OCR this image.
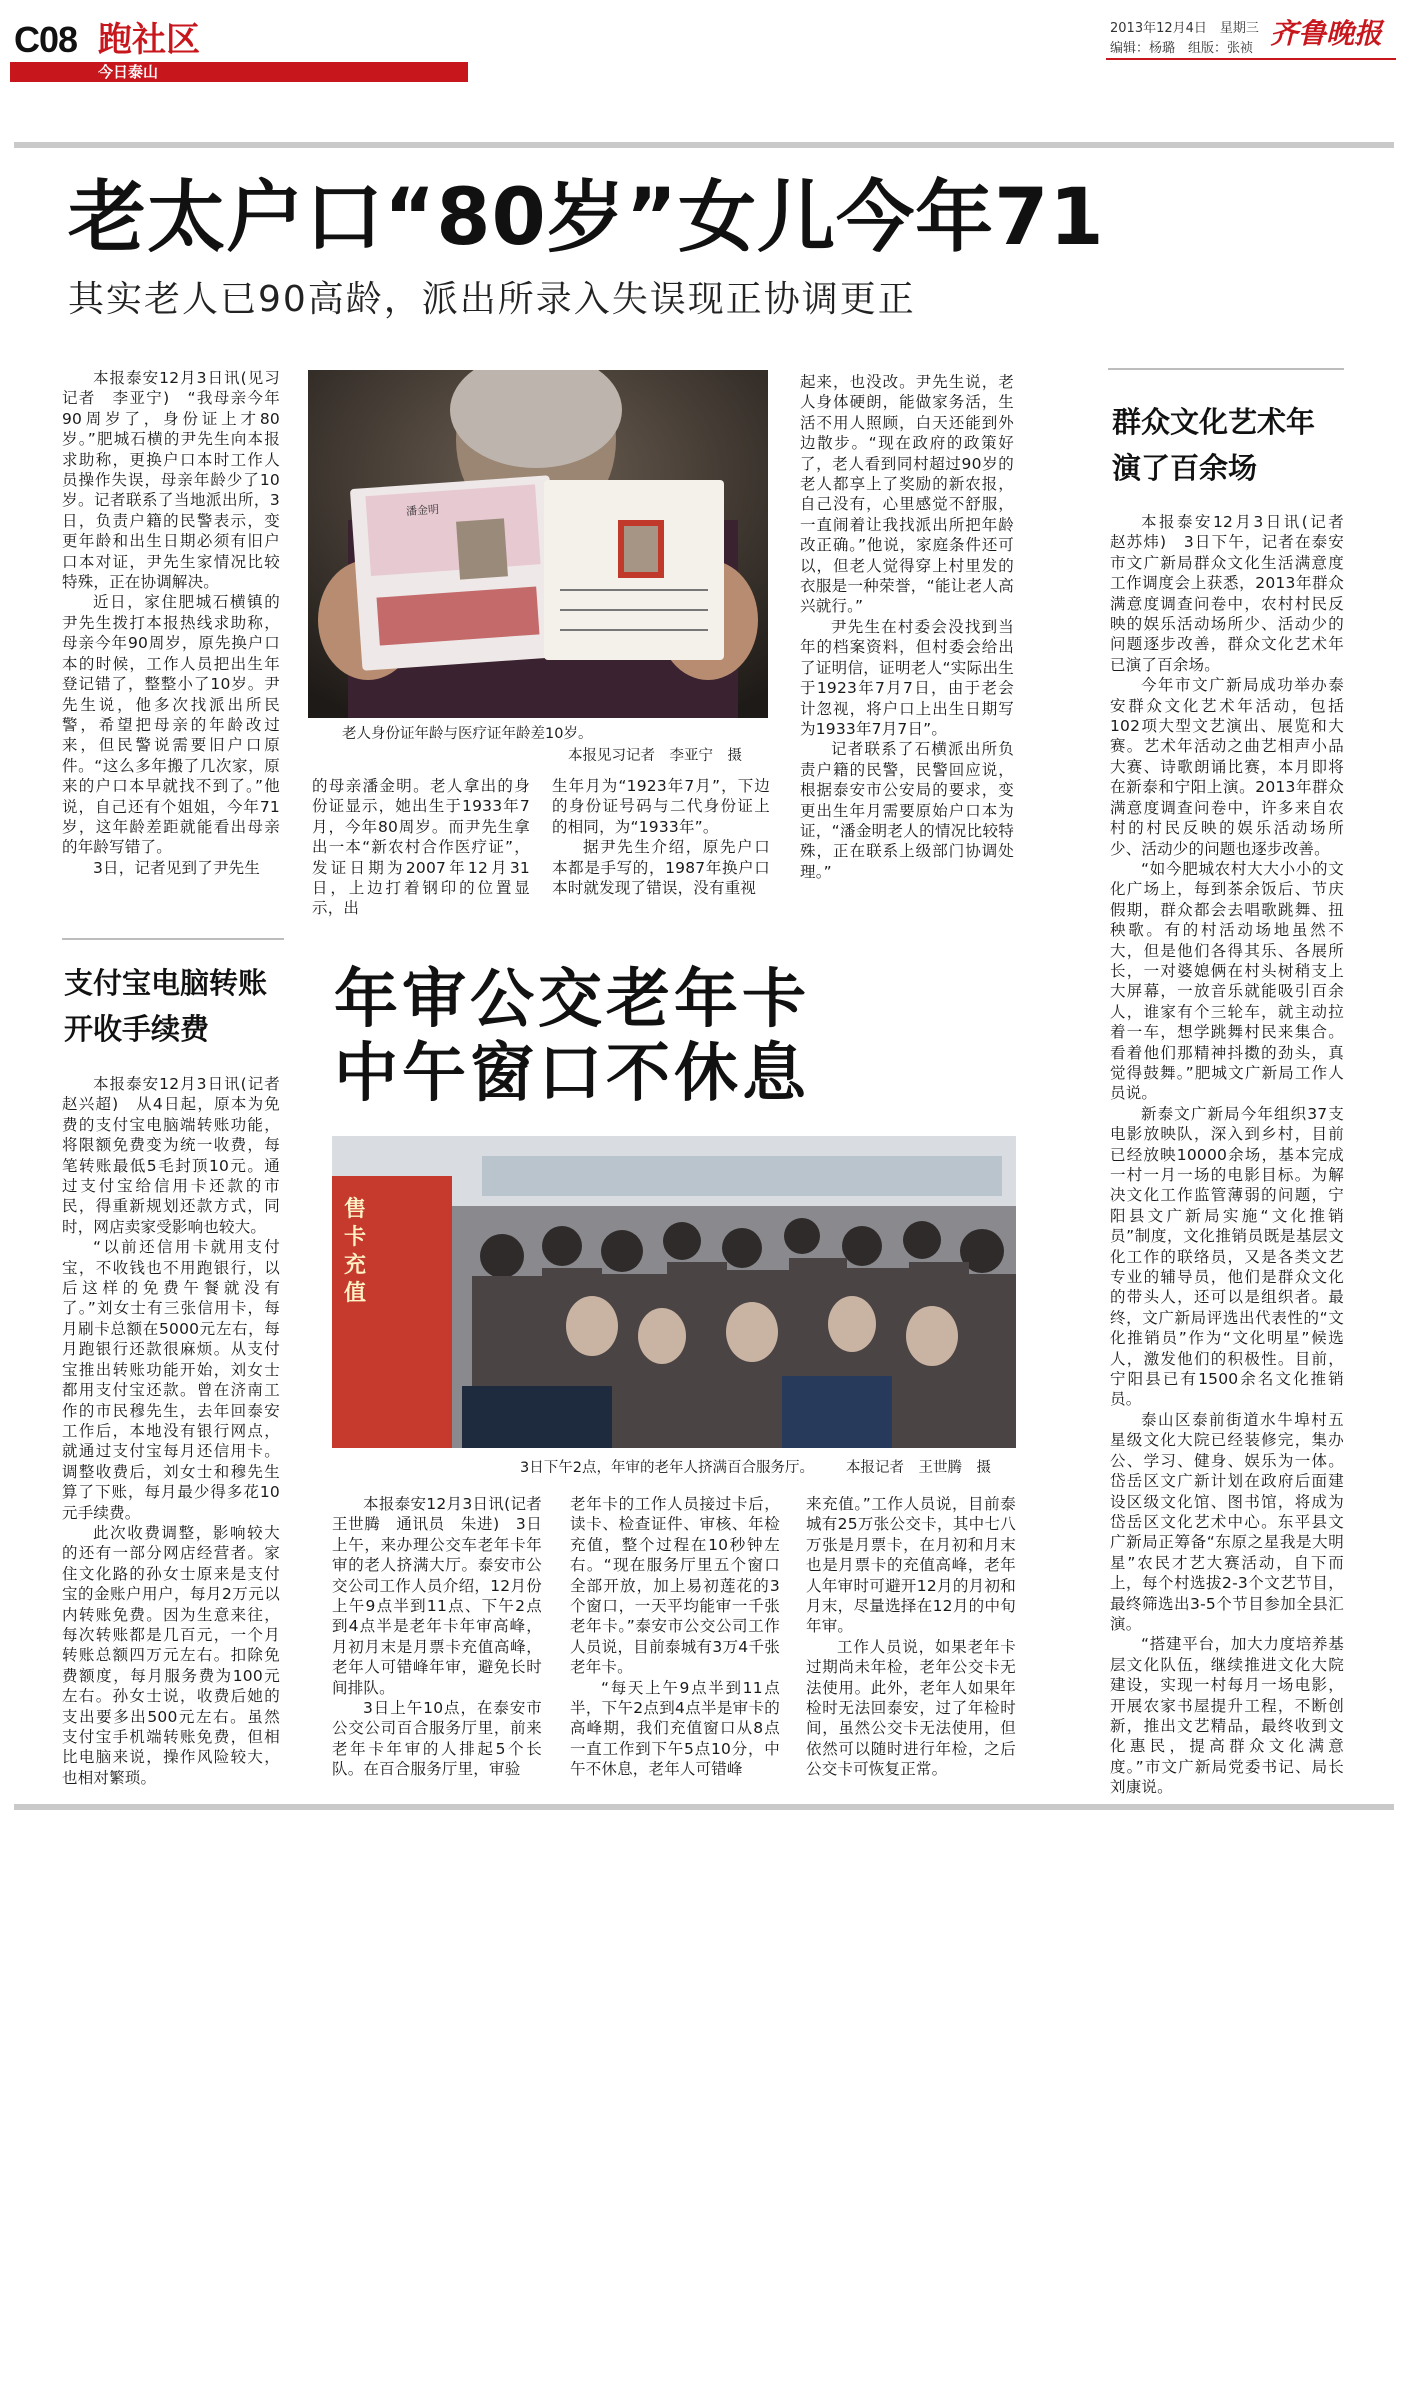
C08 跑社区
今日泰山
2013年12月4日　星期三
编辑：杨璐　组版：张祯 齐鲁晚报
老太户口“80岁”女儿今年71
其实老人已90高龄，派出所录入失误现正协调更正

本报泰安12月3日讯(见习记者　李亚宁)　“我母亲今年90周岁了，身份证上才80岁。”肥城石横的尹先生向本报求助称，更换户口本时工作人员操作失误，母亲年龄少了10岁。记者联系了当地派出所，3日，负责户籍的民警表示，变更年龄和出生日期必须有旧户口本对证，尹先生家情况比较特殊，正在协调解决。

近日，家住肥城石横镇的尹先生拨打本报热线求助称，母亲今年90周岁，原先换户口本的时候，工作人员把出生年登记错了，整整小了10岁。尹先生说，他多次找派出所民警，希望把母亲的年龄改过来，但民警说需要旧户口原件。“这么多年搬了几次家，原来的户口本早就找不到了。”他说，自己还有个姐姐，今年71岁，这年龄差距就能看出母亲的年龄写错了。

3日，记者见到了尹先生

潘金明
老人身份证年龄与医疗证年龄差10岁。
本报见习记者　李亚宁　摄

的母亲潘金明。老人拿出的身份证显示，她出生于1933年7月，今年80周岁。而尹先生拿出一本“新农村合作医疗证”，发证日期为2007年12月31日，上边打着钢印的位置显示，出

生年月为“1923年7月”，下边的身份证号码与二代身份证上的相同，为“1933年”。

据尹先生介绍，原先户口本都是手写的，1987年换户口本时就发现了错误，没有重视

起来，也没改。尹先生说，老人身体硬朗，能做家务活，生活不用人照顾，白天还能到外边散步。“现在政府的政策好了，老人看到同村超过90岁的老人都享上了奖励的新农报，自己没有，心里感觉不舒服，一直闹着让我找派出所把年龄改正确。”他说，家庭条件还可以，但老人觉得穿上村里发的衣服是一种荣誉，“能让老人高兴就行。”

尹先生在村委会没找到当年的档案资料，但村委会给出了证明信，证明老人“实际出生于1923年7月7日，由于老会计忽视，将户口上出生日期写为1933年7月7日”。

记者联系了石横派出所负责户籍的民警，民警回应说，根据泰安市公安局的要求，变更出生年月需要原始户口本为证，“潘金明老人的情况比较特殊，正在联系上级部门协调处理。”

群众文化艺术年
演了百余场

本报泰安12月3日讯(记者　赵苏炜)　3日下午，记者在泰安市文广新局群众文化生活满意度工作调度会上获悉，2013年群众满意度调查问卷中，农村村民反映的娱乐活动场所少、活动少的问题逐步改善，群众文化艺术年已演了百余场。

今年市文广新局成功举办泰安群众文化艺术年活动，包括102项大型文艺演出、展览和大赛。艺术年活动之曲艺相声小品大赛、诗歌朗诵比赛，本月即将在新泰和宁阳上演。2013年群众满意度调查问卷中，许多来自农村的村民反映的娱乐活动场所少、活动少的问题也逐步改善。

“如今肥城农村大大小小的文化广场上，每到茶余饭后、节庆假期，群众都会去唱歌跳舞、扭秧歌。有的村活动场地虽然不大，但是他们各得其乐、各展所长，一对婆媳俩在村头树稍支上大屏幕，一放音乐就能吸引百余人，谁家有个三轮车，就主动拉着一车，想学跳舞村民来集合。看着他们那精神抖擞的劲头，真觉得鼓舞。”肥城文广新局工作人员说。

新泰文广新局今年组织37支电影放映队，深入到乡村，目前已经放映10000余场，基本完成一村一月一场的电影目标。为解决文化工作监管薄弱的问题，宁阳县文广新局实施“文化推销员”制度，文化推销员既是基层文化工作的联络员，又是各类文艺专业的辅导员，他们是群众文化的带头人，还可以是组织者。最终，文广新局评选出代表性的“文化推销员”作为“文化明星”候选人，激发他们的积极性。目前，宁阳县已有1500余名文化推销员。

泰山区泰前街道水牛埠村五星级文化大院已经装修完，集办公、学习、健身、娱乐为一体。岱岳区文广新计划在政府后面建设区级文化馆、图书馆，将成为岱岳区文化艺术中心。东平县文广新局正筹备“东原之星我是大明星”农民才艺大赛活动，自下而上，每个村选拔2-3个文艺节目，最终筛选出3-5个节目参加全县汇演。

“搭建平台，加大力度培养基层文化队伍，继续推进文化大院建设，实现一村每月一场电影，开展农家书屋提升工程，不断创新，推出文艺精品，最终收到文化惠民，提高群众文化满意度。”市文广新局党委书记、局长刘康说。

支付宝电脑转账开收手续费

本报泰安12月3日讯(记者　赵兴超)　从4日起，原本为免费的支付宝电脑端转账功能，将限额免费变为统一收费，每笔转账最低5毛封顶10元。通过支付宝给信用卡还款的市民，得重新规划还款方式，同时，网店卖家受影响也较大。

“以前还信用卡就用支付宝，不收钱也不用跑银行，以后这样的免费午餐就没有了。”刘女士有三张信用卡，每月刷卡总额在5000元左右，每月跑银行还款很麻烦。从支付宝推出转账功能开始，刘女士都用支付宝还款。曾在济南工作的市民穆先生，去年回泰安工作后，本地没有银行网点，就通过支付宝每月还信用卡。调整收费后，刘女士和穆先生算了下账，每月最少得多花10元手续费。

此次收费调整，影响较大的还有一部分网店经营者。家住文化路的孙女士原来是支付宝的金账户用户，每月2万元以内转账免费。因为生意来往，每次转账都是几百元，一个月转账总额四万元左右。扣除免费额度，每月服务费为100元左右。孙女士说，收费后她的支出要多出500元左右。虽然支付宝手机端转账免费，但相比电脑来说，操作风险较大，也相对繁琐。

年审公交老年卡
中午窗口不休息
售卡充值
3日下午2点，年审的老年人挤满百合服务厅。 本报记者　王世腾　摄

本报泰安12月3日讯(记者　王世腾　通讯员　朱进)　3日上午，来办理公交车老年卡年审的老人挤满大厅。泰安市公交公司工作人员介绍，12月份上午9点半到11点、下午2点到4点半是老年卡年审高峰，月初月末是月票卡充值高峰，老年人可错峰年审，避免长时间排队。

3日上午10点，在泰安市公交公司百合服务厅里，前来老年卡年审的人排起5个长队。在百合服务厅里，审验

老年卡的工作人员接过卡后，读卡、检查证件、审核、年检充值，整个过程在10秒钟左右。“现在服务厅里五个窗口全部开放，加上易初莲花的3个窗口，一天平均能审一千张老年卡。”泰安市公交公司工作人员说，目前泰城有3万4千张老年卡。

“每天上午9点半到11点半，下午2点到4点半是审卡的高峰期，我们充值窗口从8点一直工作到下午5点10分，中午不休息，老年人可错峰

来充值。”工作人员说，目前泰城有25万张公交卡，其中七八万张是月票卡，在月初和月末也是月票卡的充值高峰，老年人年审时可避开12月的月初和月末，尽量选择在12月的中旬年审。

工作人员说，如果老年卡过期尚未年检，老年公交卡无法使用。此外，老年人如果年检时无法回泰安，过了年检时间，虽然公交卡无法使用，但依然可以随时进行年检，之后公交卡可恢复正常。
